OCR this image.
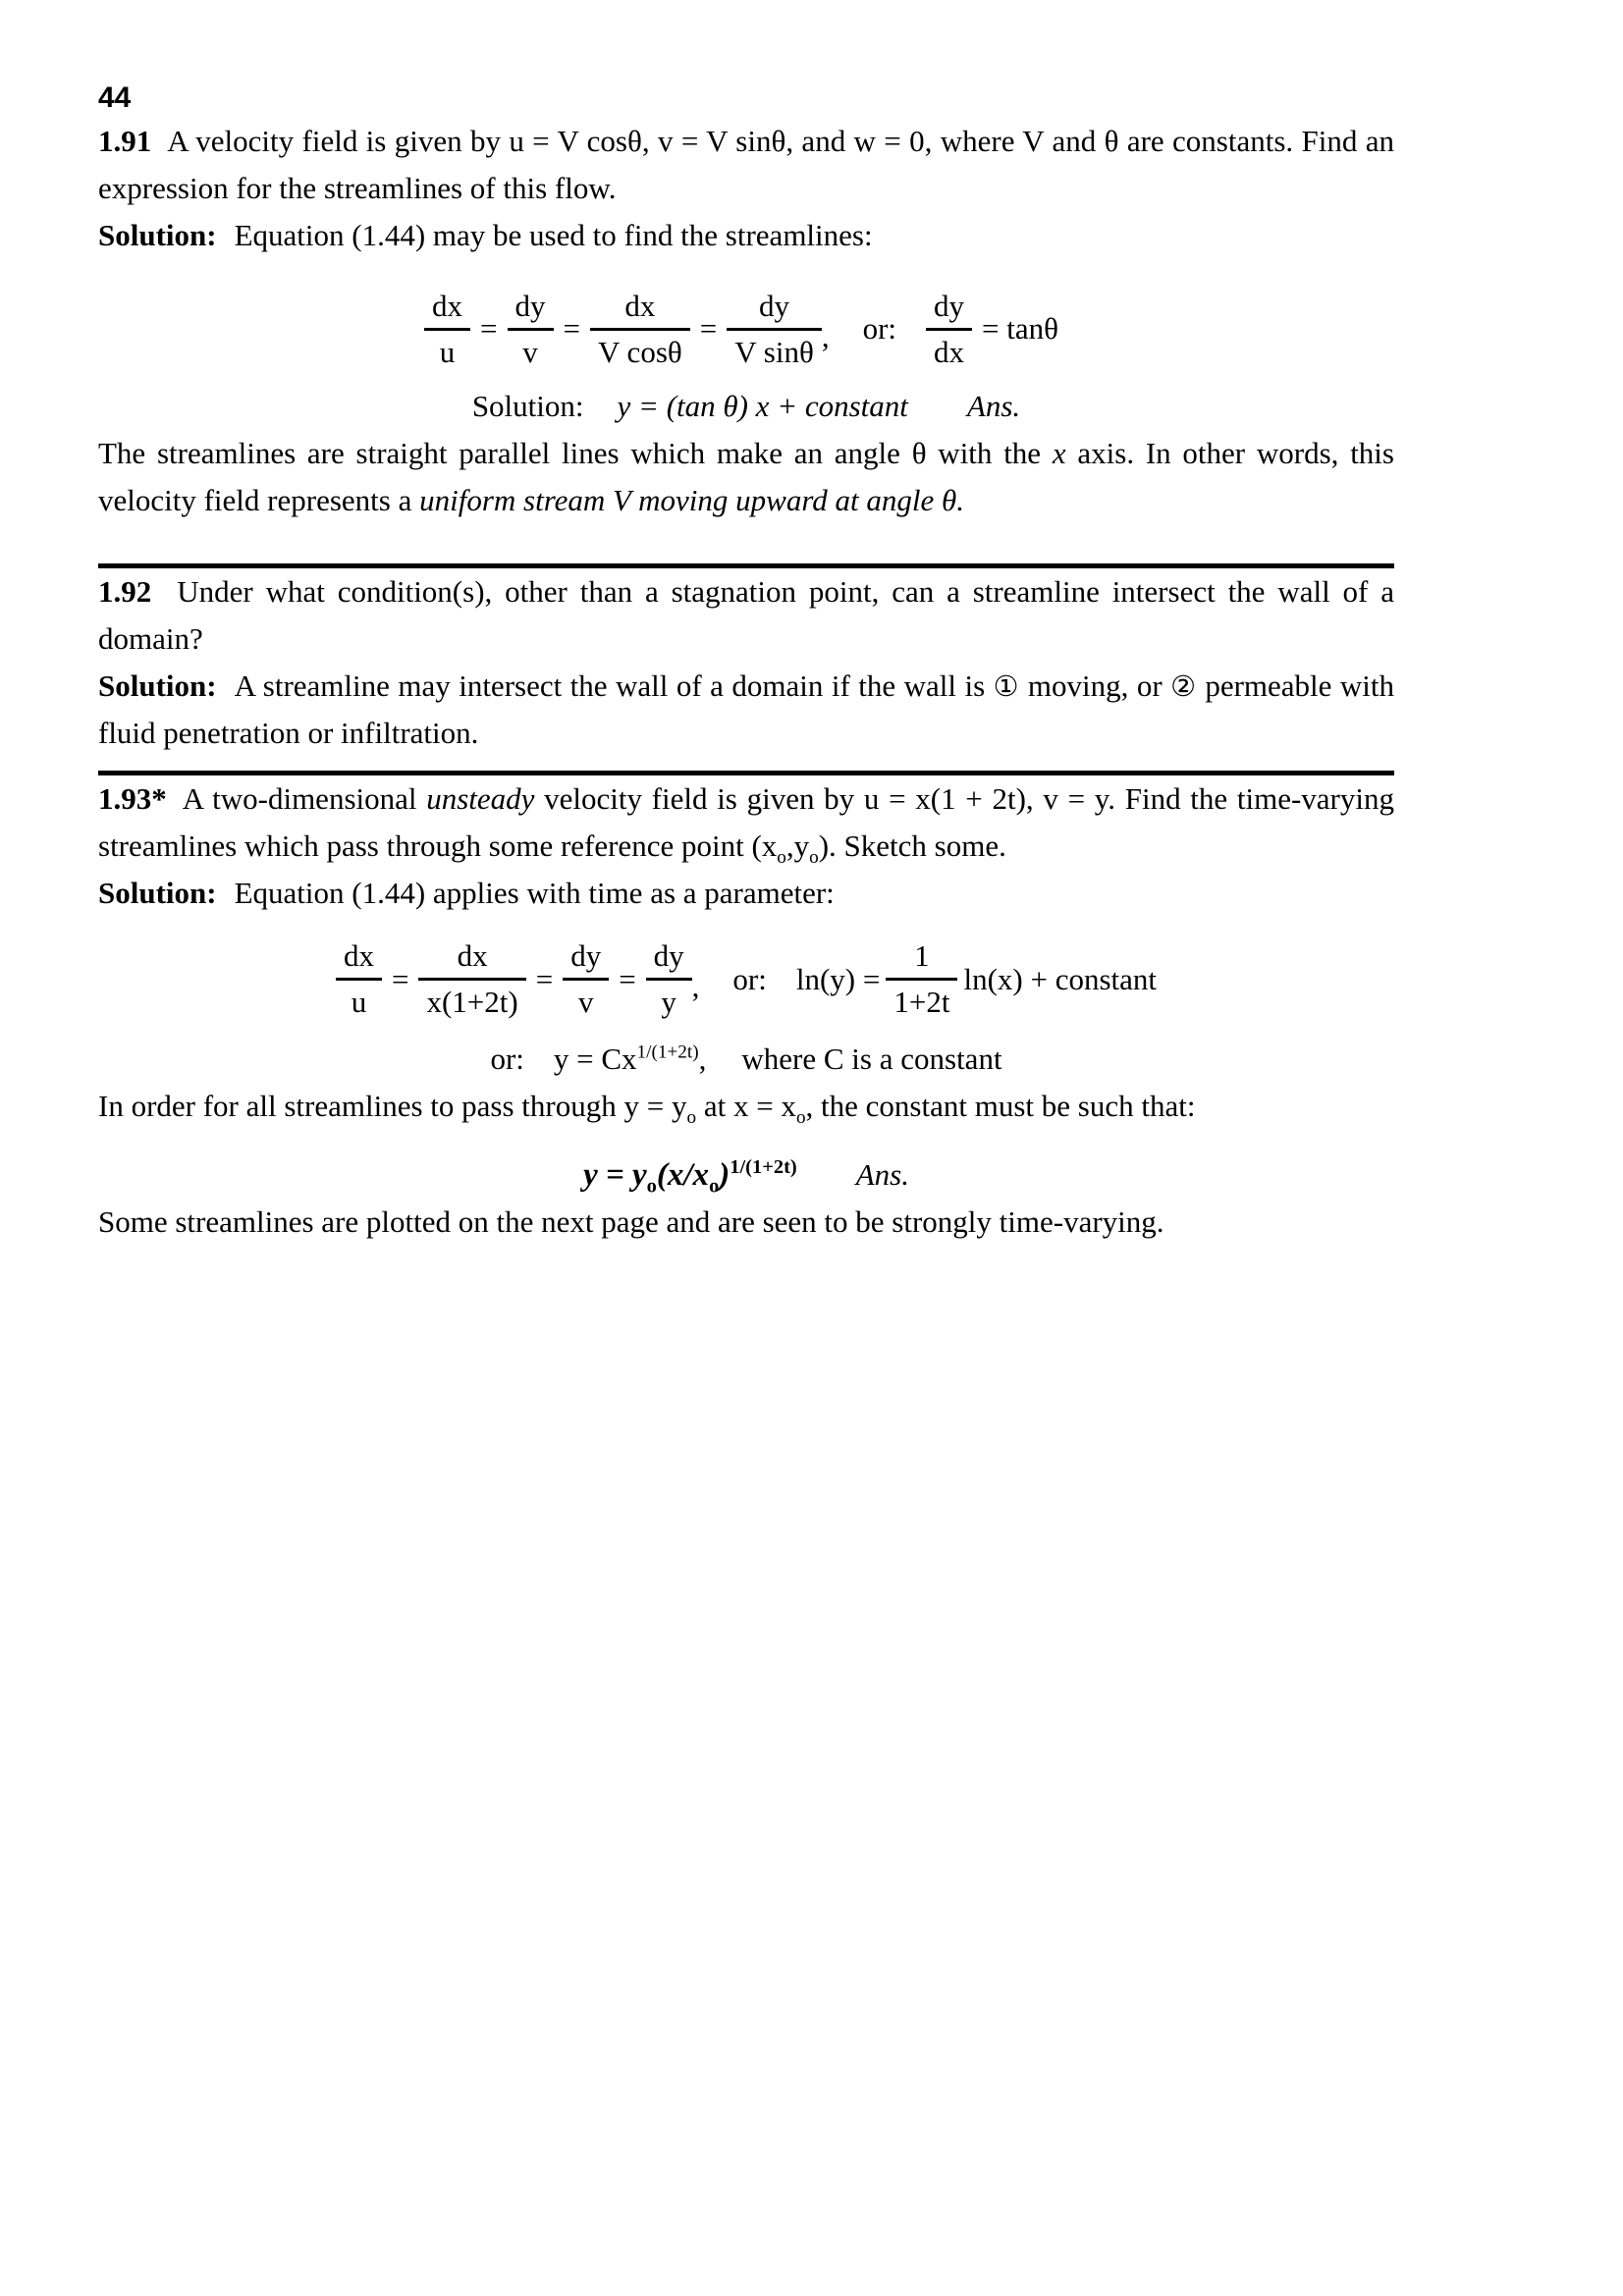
44

1.91 A velocity field is given by u = V cosθ, v = V sinθ, and w = 0, where V and θ are constants. Find an expression for the streamlines of this flow.

Solution: Equation (1.44) may be used to find the streamlines:

$\frac{dx}{u} = \frac{dy}{v} = \frac{dx}{\text{V cosθ}} = \frac{dy}{\text{V sinθ}}$ , or: $\frac{dy}{dx} = \tan\theta$

Solution: y = (tan θ) x + constant Ans.

The streamlines are straight parallel lines which make an angle θ with the x axis. In other words, this velocity field represents a uniform stream V moving upward at angle θ.

1.92 Under what condition(s), other than a stagnation point, can a streamline intersect the wall of a domain?

Solution: A streamline may intersect the wall of a domain if the wall is ① moving, or ② permeable with fluid penetration or infiltration.

1.93* A two-dimensional unsteady velocity field is given by u = x(1 + 2t), v = y. Find the time-varying streamlines which pass through some reference point $(x_o,y_o)$. Sketch some.

Solution: Equation (1.44) applies with time as a parameter:

$\frac{dx}{u} = \frac{dx}{x(1+2t)} = \frac{dy}{v} = \frac{dy}{y}$ , or: $\ln(y) = \frac{1}{1+2t} \ln(x)$ + constant

or: $y = Cx^{1/(1+2t)}$, where C is a constant

In order for all streamlines to pass through $y = y_o$ at $x = x_o$, the constant must be such that:

$y = y_o(x/x_o)^{1/(1+2t)}$ Ans.

Some streamlines are plotted on the next page and are seen to be strongly time-varying.
